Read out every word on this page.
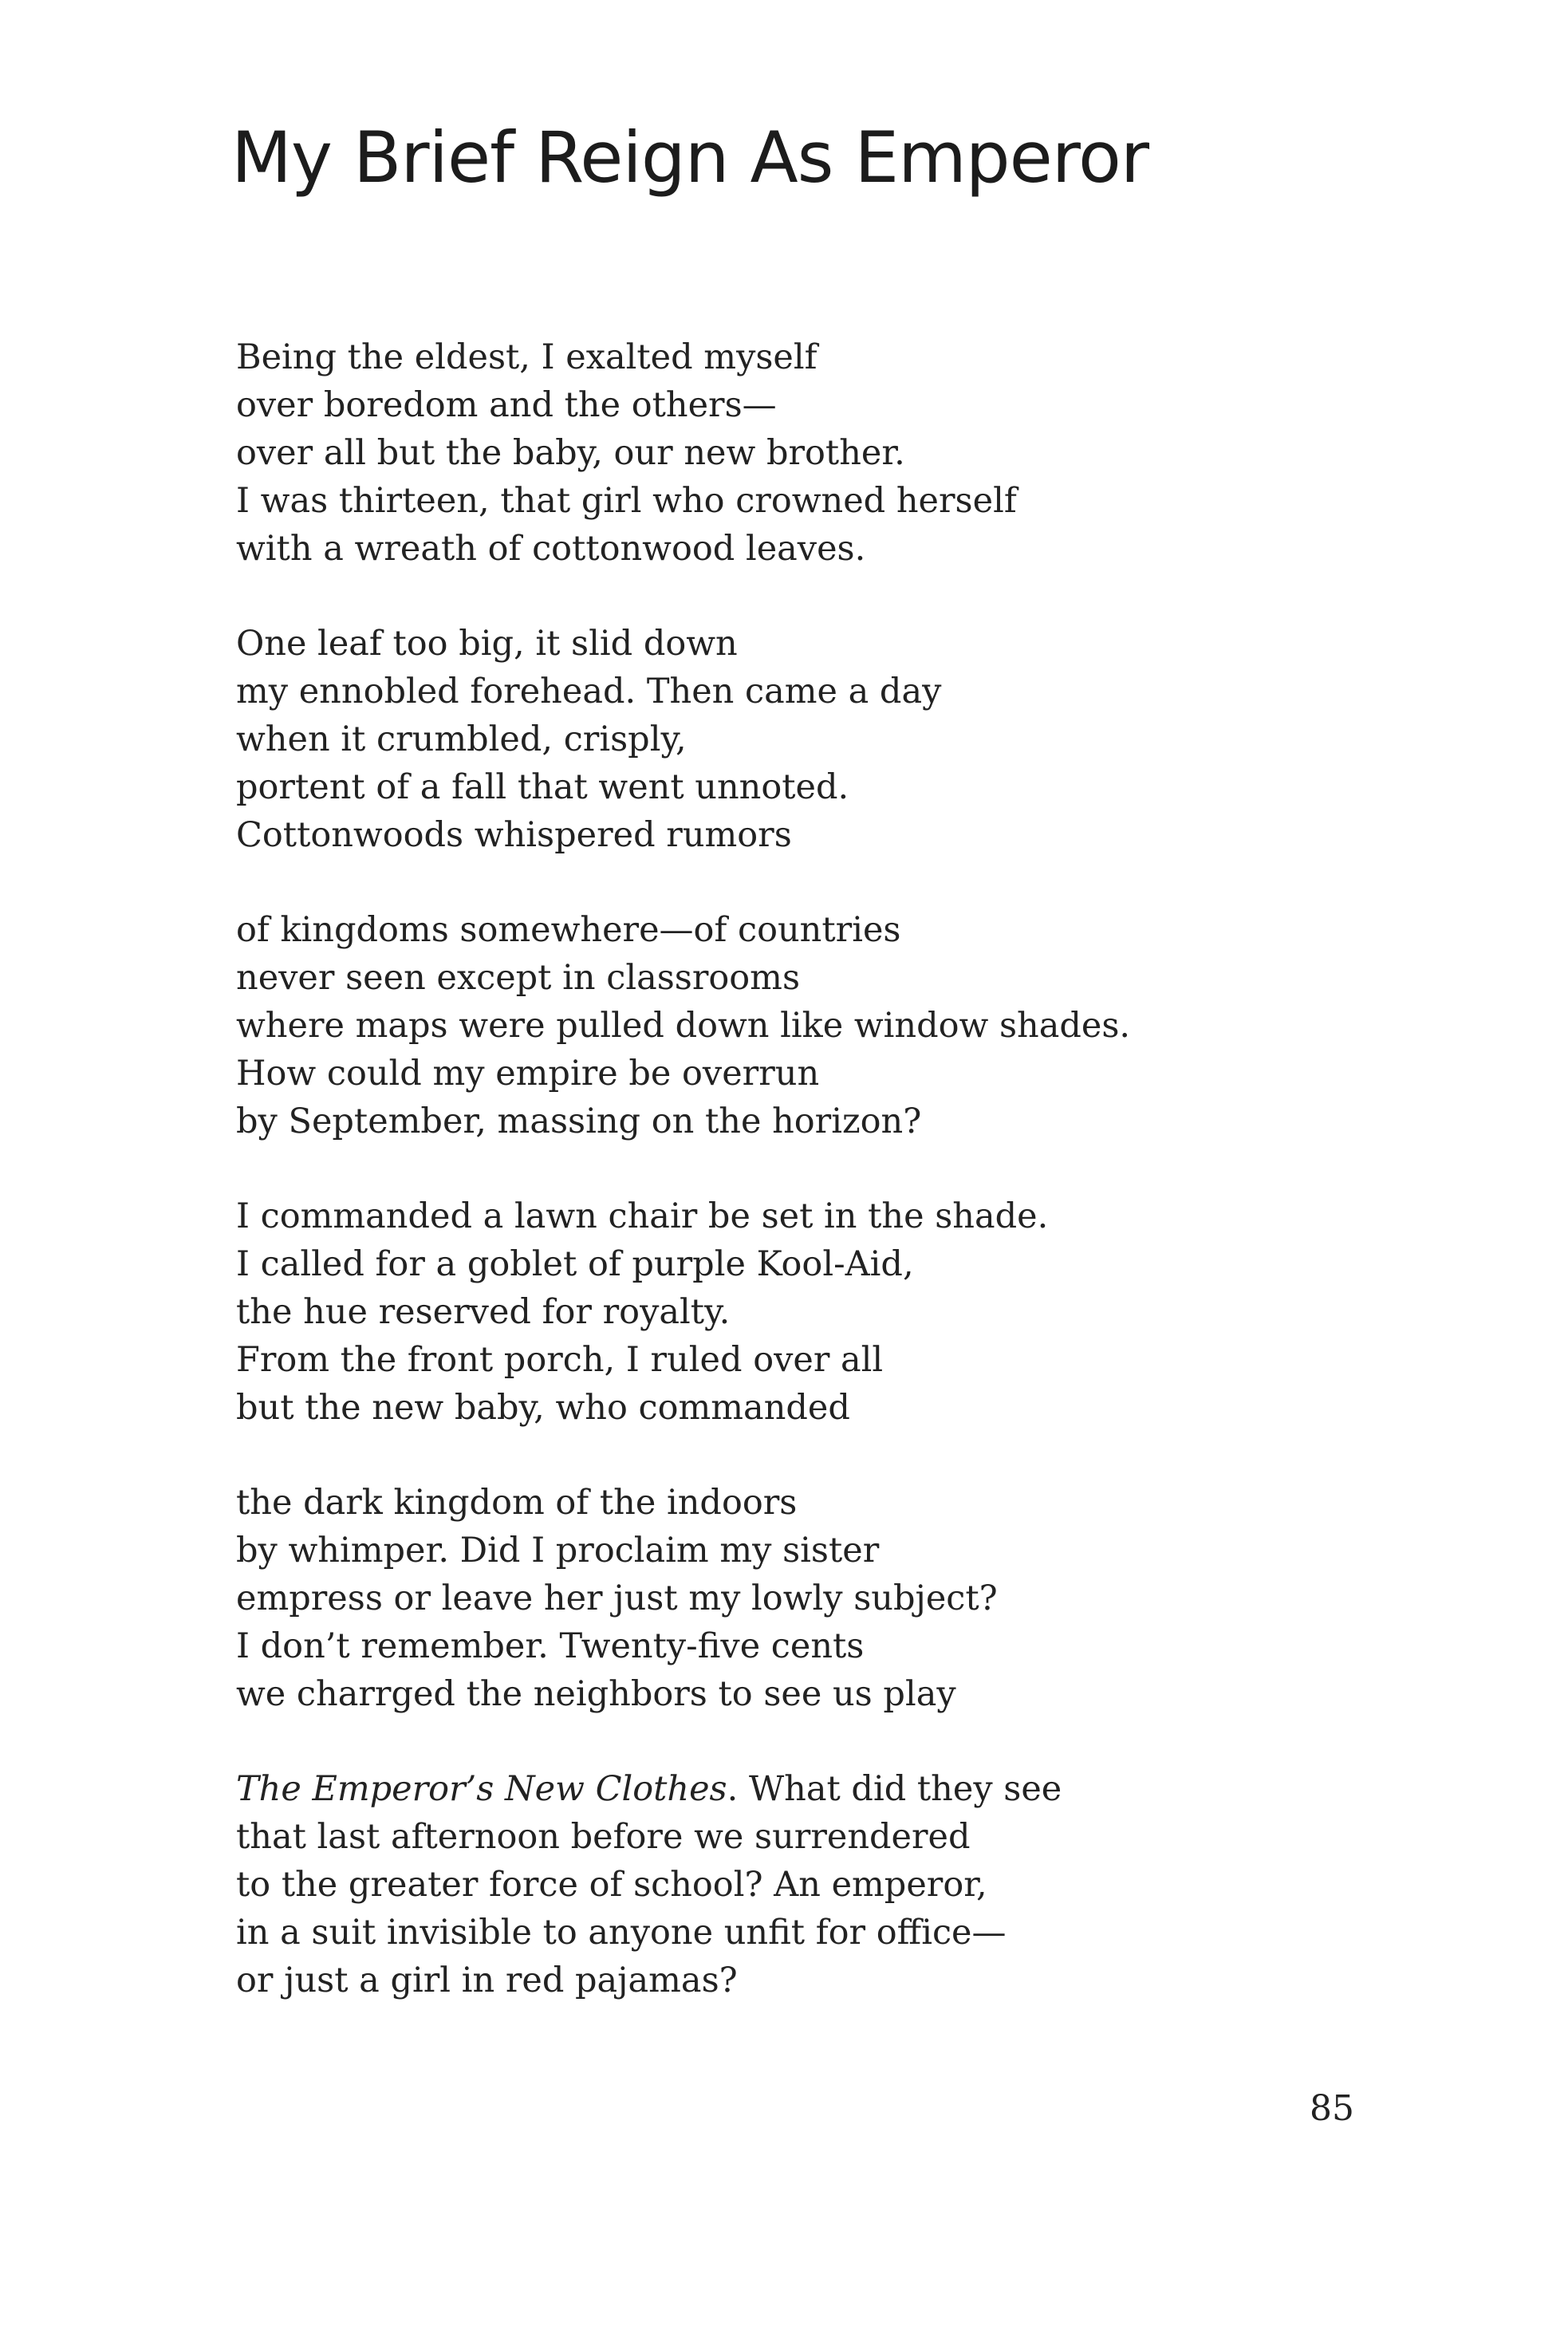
My Brief Reign As Emperor
Being the eldest, I exalted myself
over boredom and the others—
over all but the baby, our new brother.
I was thirteen, that girl who crowned herself
with a wreath of cottonwood leaves.
One leaf too big, it slid down
my ennobled forehead. Then came a day
when it crumbled, crisply,
portent of a fall that went unnoted.
Cottonwoods whispered rumors
of kingdoms somewhere—of countries
never seen except in classrooms
where maps were pulled down like window shades.
How could my empire be overrun
by September, massing on the horizon?
I commanded a lawn chair be set in the shade.
I called for a goblet of purple Kool-Aid,
the hue reserved for royalty.
From the front porch, I ruled over all
but the new baby, who commanded
the dark kingdom of the indoors
by whimper. Did I proclaim my sister
empress or leave her just my lowly subject?
I don’t remember. Twenty-five cents
we charrged the neighbors to see us play
The Emperor’s New Clothes. What did they see
that last afternoon before we surrendered
to the greater force of school? An emperor,
in a suit invisible to anyone unfit for office—
or just a girl in red pajamas?
85
